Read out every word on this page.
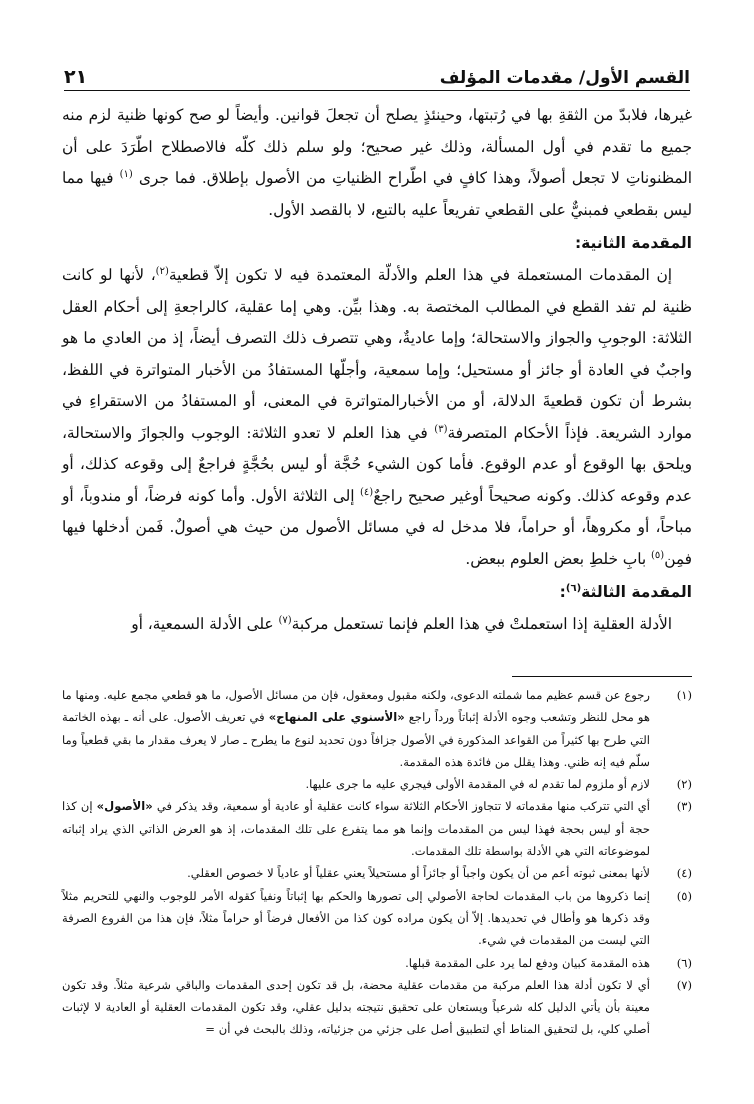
القسم الأول/ مقدمات المؤلف
٢١

غيرها، فلابدّ من الثقةِ بها في رُتبتها، وحينئذٍ يصلح أن تجعلَ قوانين. وأيضاً لو صح كونها ظنية لزم منه جميع ما تقدم في أول المسألة، وذلك غير صحيح؛ ولو سلم ذلك كلّه فالاصطلاح اطّرَدَ على أن المظنوناتِ لا تجعل أصولاً، وهذا كافٍ في اطّراح الظنياتِ من الأصول بإطلاق. فما جرى $^{(١)}$ فيها مما ليس بقطعي فمبنيٌّ على القطعي تفريعاً عليه بالتبع، لا بالقصد الأول.

المقدمة الثانية:

إن المقدمات المستعملة في هذا العلم والأدلّة المعتمدة فيه لا تكون إلاّ قطعية$^{(٢)}$، لأنها لو كانت ظنية لم تفد القطع في المطالب المختصة به. وهذا بيِّن. وهي إما عقلية، كالراجعةِ إلى أحكام العقل الثلاثة: الوجوبِ والجواز والاستحالة؛ وإما عاديةٌ، وهي تتصرف ذلك التصرف أيضاً، إذ من العادي ما هو واجبٌ في العادة أو جائز أو مستحيل؛ وإما سمعية، وأجلّها المستفادُ من الأخبار المتواترة في اللفظ، بشرط أن تكون قطعيةَ الدلالة، أو من الأخبارالمتواترة في المعنى، أو المستفادُ من الاستقراءِ في موارد الشريعة. فإذاً الأحكام المتصرفة$^{(٣)}$ في هذا العلم لا تعدو الثلاثة: الوجوب والجوازَ والاستحالة، ويلحق بها الوقوع أو عدم الوقوع. فأما كون الشيء حُجَّة أو ليس بحُجَّةٍ فراجعٌ إلى وقوعه كذلك، أو عدم وقوعه كذلك. وكونه صحيحاً أوغير صحيح راجعٌ$^{(٤)}$ إلى الثلاثة الأول. وأما كونه فرضاً، أو مندوباً، أو مباحاً، أو مكروهاً، أو حراماً، فلا مدخل له في مسائل الأصول من حيث هي أصولٌ. فَمن أدخلها فيها فمِن$^{(٥)}$ بابِ خلطِ بعض العلوم ببعض.

المقدمة الثالثة$^{(٦)}$:

الأدلة العقلية إذا استعملتْ في هذا العلم فإنما تستعمل مركبة$^{(٧)}$ على الأدلة السمعية، أو

(١)
رجوع عن قسم عظيم مما شملته الدعوى، ولكنه مقبول ومعقول، فإن من مسائل الأصول، ما هو قطعي مجمع عليه. ومنها ما هو محل للنظر وتشعب وجوه الأدلة إثباتاً ورداً راجع «الأسنوي على المنهاج» في تعريف الأصول. على أنه ـ بهذه الخاتمة التي طرح بها كثيراً من القواعد المذكورة في الأصول جزافاً دون تحديد لنوع ما يطرح ـ صار لا يعرف مقدار ما بقي قطعياً وما سلّم فيه إنه ظني. وهذا يقلل من فائدة هذه المقدمة.
(٢)
لازم أو ملزوم لما تقدم له في المقدمة الأولى فيجري عليه ما جرى عليها.
(٣)
أي التي تتركب منها مقدماته لا تتجاوز الأحكام الثلاثة سواء كانت عقلية أو عادية أو سمعية، وقد يذكر في «الأصول» إن كذا حجة أو ليس بحجة فهذا ليس من المقدمات وإنما هو مما يتفرع على تلك المقدمات، إذ هو العرض الذاتي الذي يراد إثباته لموضوعاته التي هي الأدلة بواسطة تلك المقدمات.
(٤)
لأنها بمعنى ثبوته أعم من أن يكون واجباً أو جائزاً أو مستحيلاً يعني عقلياً أو عادياً لا خصوص العقلي.
(٥)
إنما ذكروها من باب المقدمات لحاجة الأصولي إلى تصورها والحكم بها إثباتاً ونفياً كقوله الأمر للوجوب والنهي للتحريم مثلاً وقد ذكرها هو وأطال في تحديدها. إلاّ أن يكون مراده كون كذا من الأفعال فرضاً أو حراماً مثلاً، فإن هذا من الفروع الصرفة التي ليست من المقدمات في شيء.
(٦)
هذه المقدمة كبيان ودفع لما يرد على المقدمة قبلها.
(٧)
أي لا تكون أدلة هذا العلم مركبة من مقدمات عقلية محضة، بل قد تكون إحدى المقدمات والباقي شرعية مثلاً. وقد تكون معينة بأن يأتي الدليل كله شرعياً ويستعان على تحقيق نتيجته بدليل عقلي، وقد تكون المقدمات العقلية أو العادية لا لإثبات أصلي كلي، بل لتحقيق المناط أي لتطبيق أصل على جزئي من جزئياته، وذلك بالبحث في أن =
